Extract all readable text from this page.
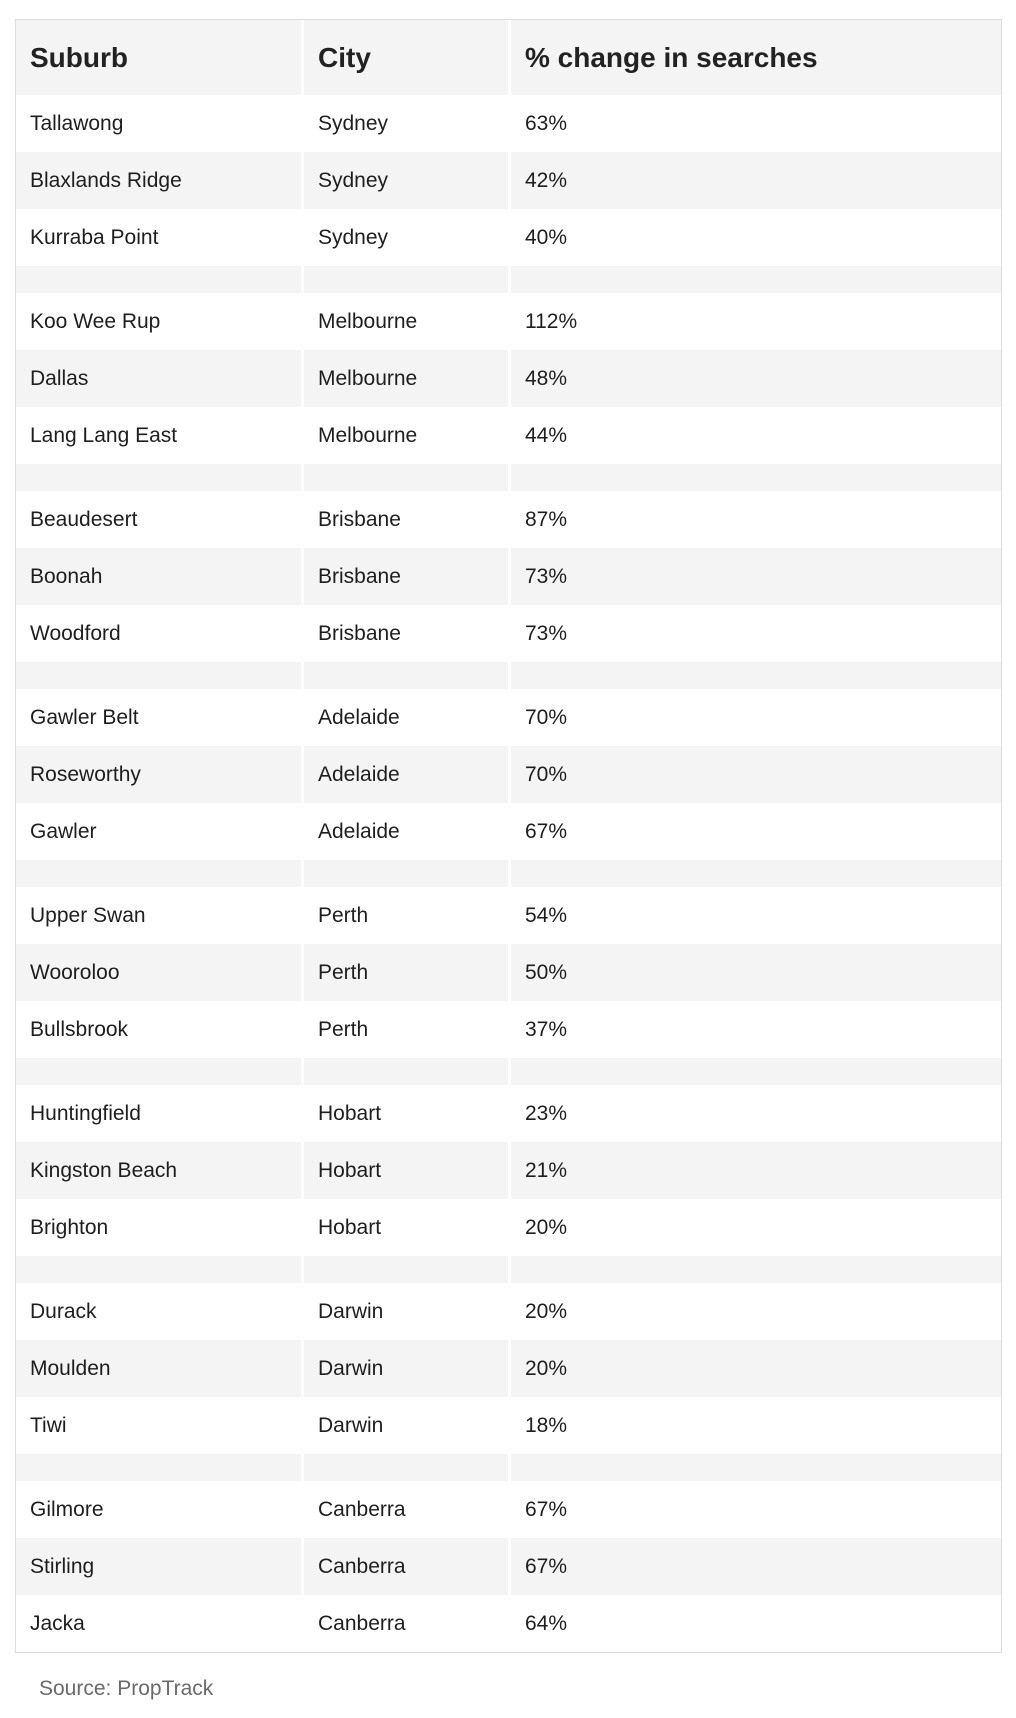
Suburb	City	% change in searches
Tallawong	Sydney	63%
Blaxlands Ridge	Sydney	42%
Kurraba Point	Sydney	40%

Koo Wee Rup	Melbourne	112%
Dallas	Melbourne	48%
Lang Lang East	Melbourne	44%

Beaudesert	Brisbane	87%
Boonah	Brisbane	73%
Woodford	Brisbane	73%

Gawler Belt	Adelaide	70%
Roseworthy	Adelaide	70%
Gawler	Adelaide	67%

Upper Swan	Perth	54%
Wooroloo	Perth	50%
Bullsbrook	Perth	37%

Huntingfield	Hobart	23%
Kingston Beach	Hobart	21%
Brighton	Hobart	20%

Durack	Darwin	20%
Moulden	Darwin	20%
Tiwi	Darwin	18%

Gilmore	Canberra	67%
Stirling	Canberra	67%
Jacka	Canberra	64%
Source: PropTrack
